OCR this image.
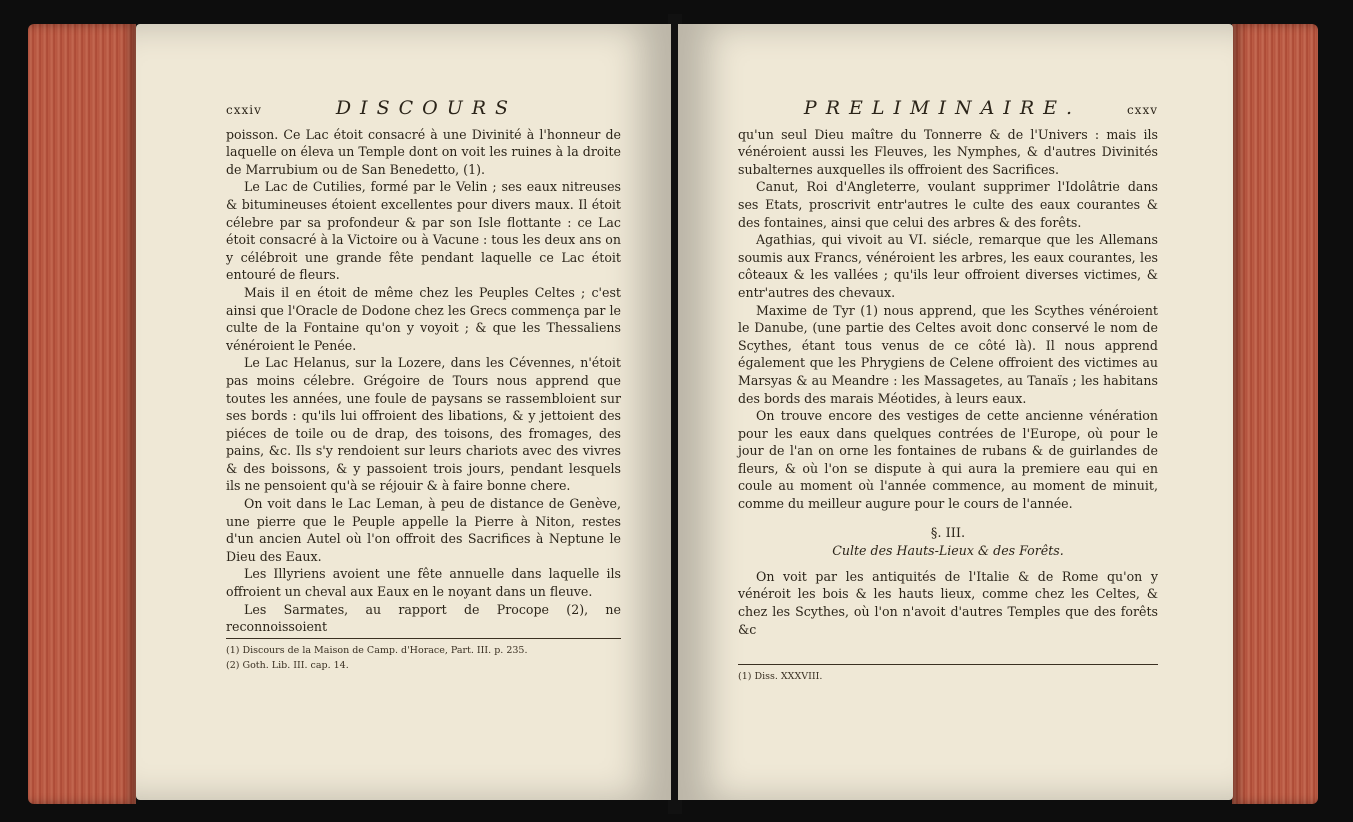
cxxiv	DISCOURS

poisson. Ce Lac étoit consacré à une Divinité à l'honneur de laquelle on éleva un Temple dont on voit les ruines à la droite de Marrubium ou de San Benedetto, (1).

Le Lac de Cutilies, formé par le Velin ; ses eaux nitreuses & bitumineuses étoient excellentes pour divers maux. Il étoit célebre par sa profondeur & par son Isle flottante : ce Lac étoit consacré à la Victoire ou à Vacune : tous les deux ans on y célébroit une grande fête pendant laquelle ce Lac étoit entouré de fleurs.

Mais il en étoit de même chez les Peuples Celtes ; c'est ainsi que l'Oracle de Dodone chez les Grecs commença par le culte de la Fontaine qu'on y voyoit ; & que les Thessaliens vénéroient le Penée.

Le Lac Helanus, sur la Lozere, dans les Cévennes, n'étoit pas moins célebre. Grégoire de Tours nous apprend que toutes les années, une foule de paysans se rassembloient sur ses bords : qu'ils lui offroient des libations, & y jettoient des piéces de toile ou de drap, des toisons, des fromages, des pains, &c. Ils s'y rendoient sur leurs chariots avec des vivres & des boissons, & y passoient trois jours, pendant lesquels ils ne pensoient qu'à se réjouir & à faire bonne chere.

On voit dans le Lac Leman, à peu de distance de Genève, une pierre que le Peuple appelle la Pierre à Niton, restes d'un ancien Autel où l'on offroit des Sacrifices à Neptune le Dieu des Eaux.

Les Illyriens avoient une fête annuelle dans laquelle ils offroient un cheval aux Eaux en le noyant dans un fleuve.

Les Sarmates, au rapport de Procope (2), ne reconnoissoient

(1) Discours de la Maison de Camp. d'Horace, Part. III. p. 235.
(2) Goth. Lib. III. cap. 14.
PRELIMINAIRE.	cxxv

qu'un seul Dieu maître du Tonnerre & de l'Univers : mais ils vénéroient aussi les Fleuves, les Nymphes, & d'autres Divinités subalternes auxquelles ils offroient des Sacrifices.

Canut, Roi d'Angleterre, voulant supprimer l'Idolâtrie dans ses Etats, proscrivit entr'autres le culte des eaux courantes & des fontaines, ainsi que celui des arbres & des forêts.

Agathias, qui vivoit au VI. siécle, remarque que les Allemans soumis aux Francs, vénéroient les arbres, les eaux courantes, les côteaux & les vallées ; qu'ils leur offroient diverses victimes, & entr'autres des chevaux.

Maxime de Tyr (1) nous apprend, que les Scythes vénéroient le Danube, (une partie des Celtes avoit donc conservé le nom de Scythes, étant tous venus de ce côté là). Il nous apprend également que les Phrygiens de Celene offroient des victimes au Marsyas & au Meandre : les Massagetes, au Tanaïs ; les habitans des bords des marais Méotides, à leurs eaux.

On trouve encore des vestiges de cette ancienne vénération pour les eaux dans quelques contrées de l'Europe, où pour le jour de l'an on orne les fontaines de rubans & de guirlandes de fleurs, & où l'on se dispute à qui aura la premiere eau qui en coule au moment où l'année commence, au moment de minuit, comme du meilleur augure pour le cours de l'année.

§. III.
Culte des Hauts-Lieux & des Forêts.

On voit par les antiquités de l'Italie & de Rome qu'on y vénéroit les bois & les hauts lieux, comme chez les Celtes, & chez les Scythes, où l'on n'avoit d'autres Temples que des forêts &c

(1) Diss. XXXVIII.
